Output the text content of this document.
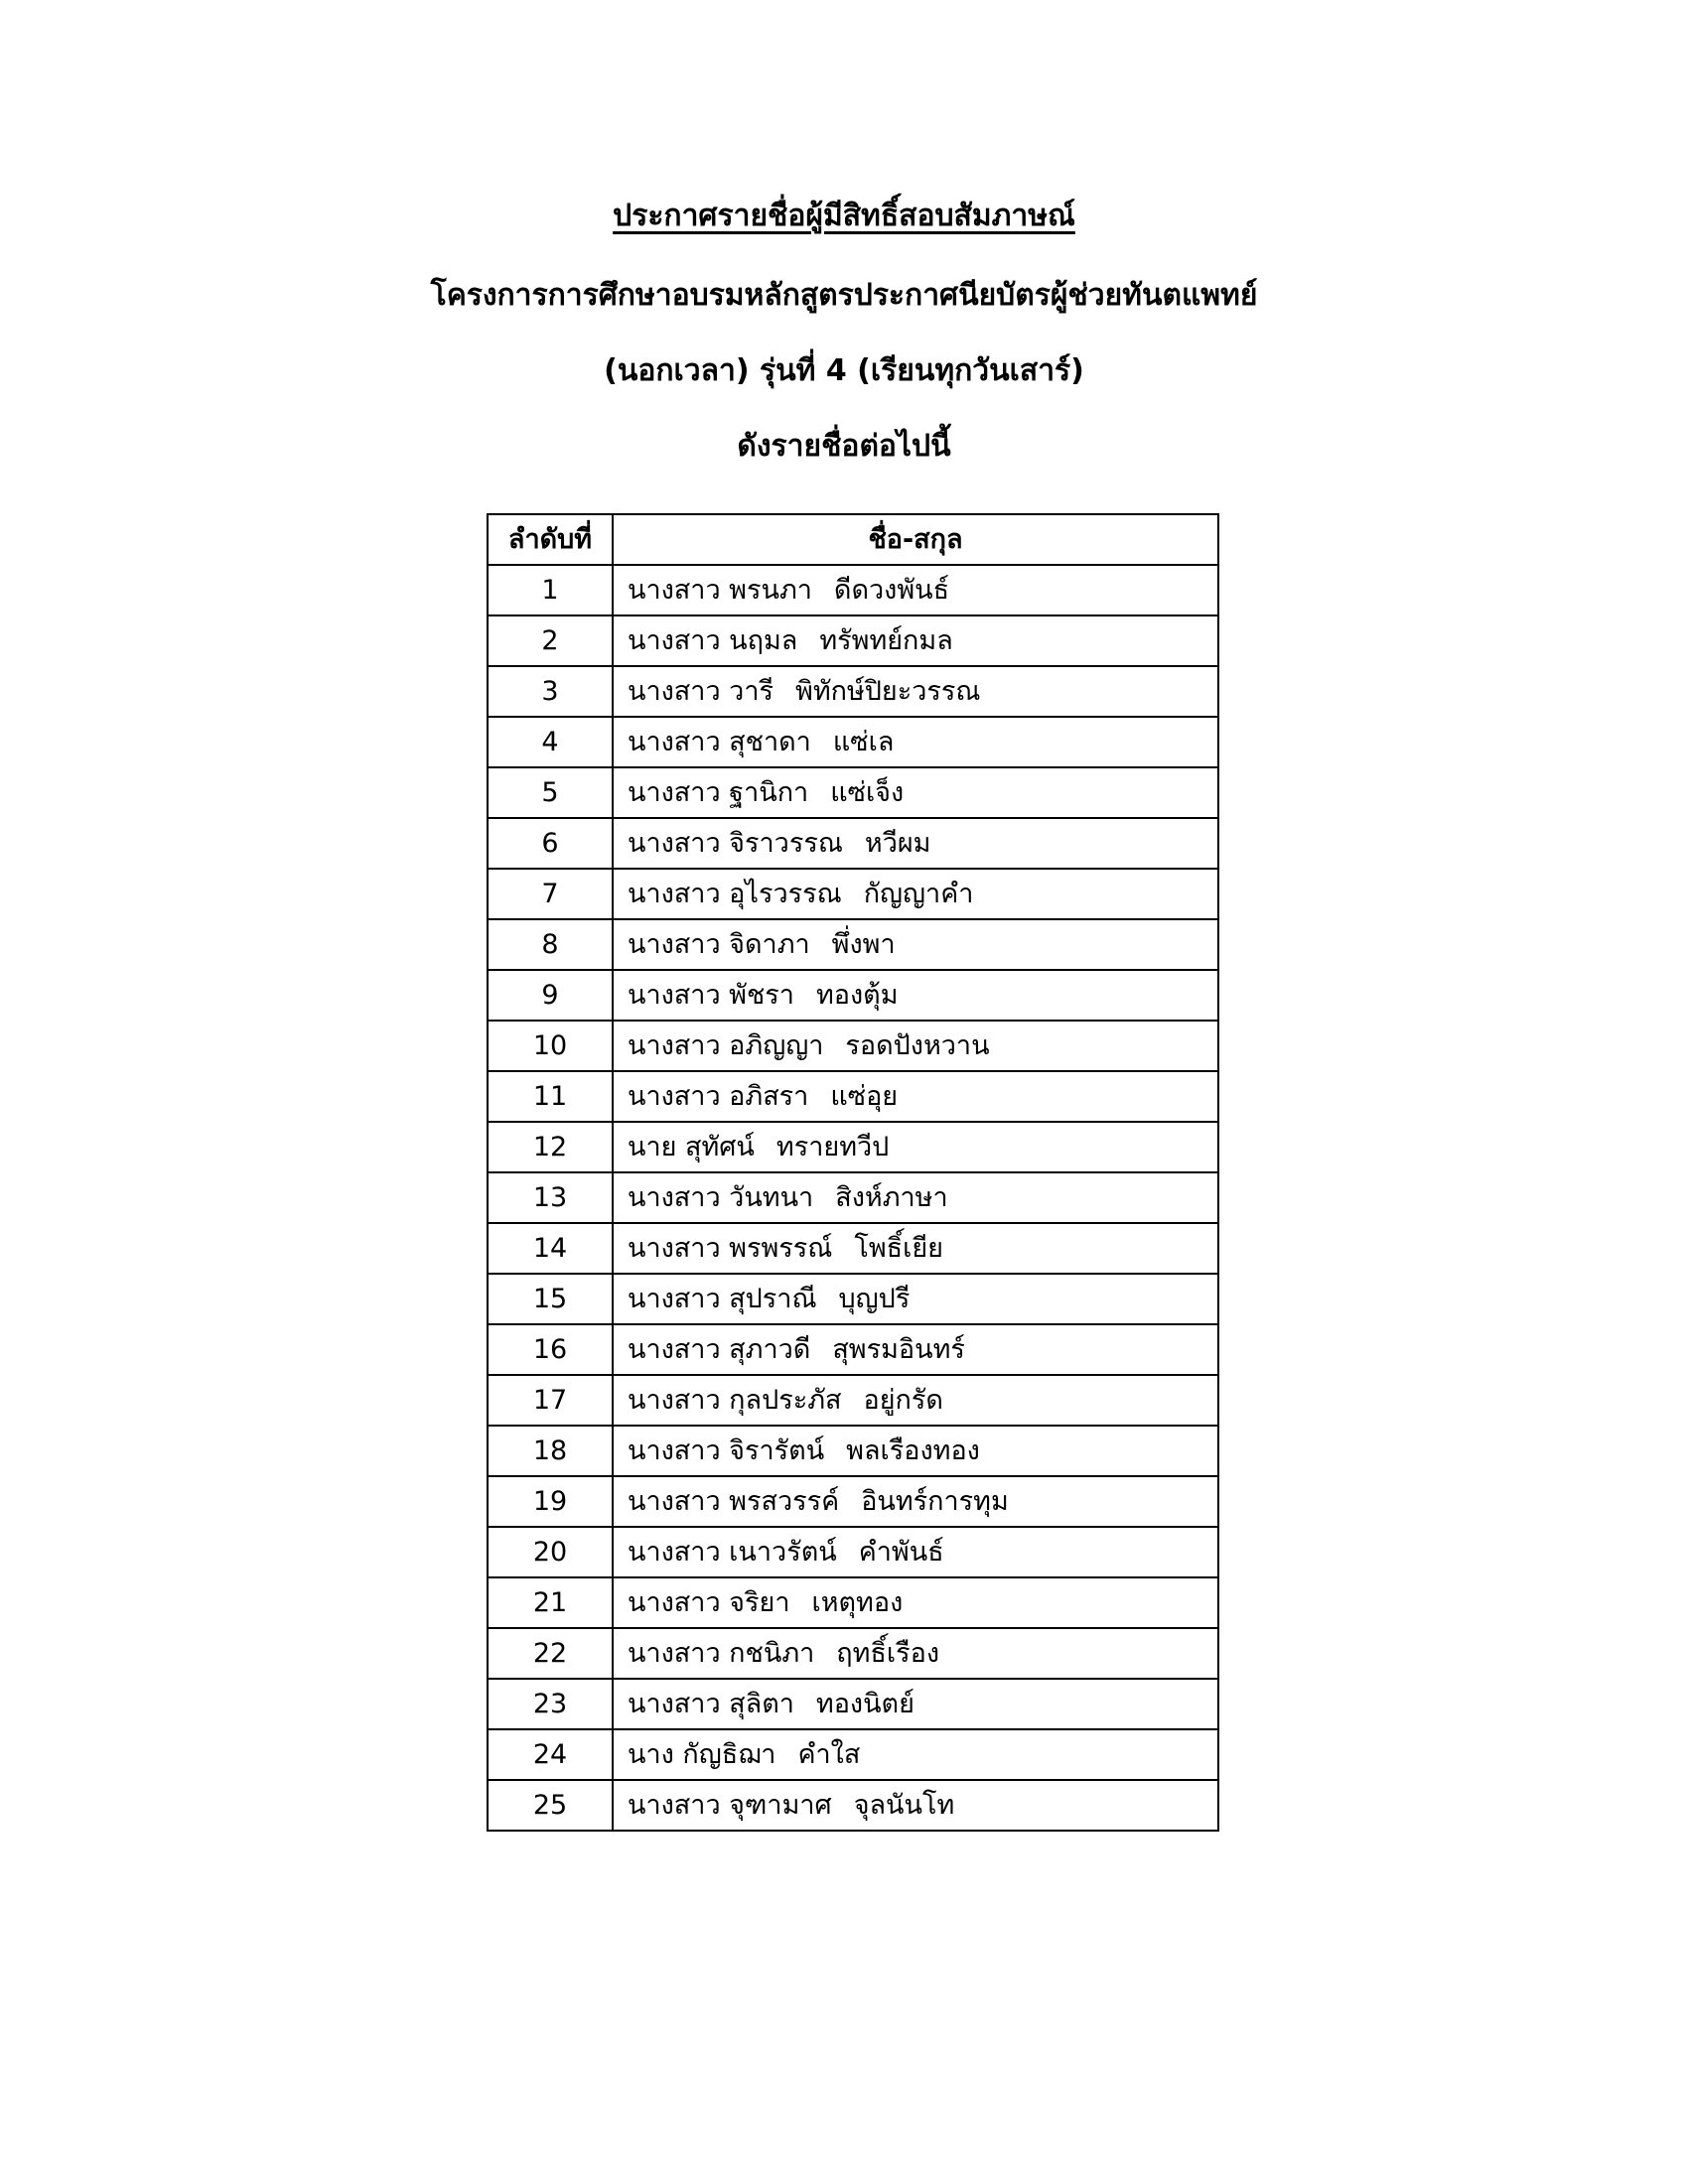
ประกาศรายชื่อผู้มีสิทธิ์สอบสัมภาษณ์
โครงการการศึกษาอบรมหลักสูตรประกาศนียบัตรผู้ช่วยทันตแพทย์
(นอกเวลา) รุ่นที่ 4 (เรียนทุกวันเสาร์)
ดังรายชื่อต่อไปนี้
ลำดับที่	ชื่อ-สกุล
1	นางสาว พรนภา ดีดวงพันธ์
2	นางสาว นฤมล ทรัพทย์กมล
3	นางสาว วารี พิทักษ์ปิยะวรรณ
4	นางสาว สุชาดา แซ่เล
5	นางสาว ฐานิกา แซ่เจ็ง
6	นางสาว จิราวรรณ หวีผม
7	นางสาว อุไรวรรณ กัญญาคำ
8	นางสาว จิดาภา พึ่งพา
9	นางสาว พัชรา ทองตุ้ม
10	นางสาว อภิญญา รอดปังหวาน
11	นางสาว อภิสรา แซ่อุย
12	นาย สุทัศน์ ทรายทวีป
13	นางสาว วันทนา สิงห์ภาษา
14	นางสาว พรพรรณ์ โพธิ์เยีย
15	นางสาว สุปราณี บุญปรี
16	นางสาว สุภาวดี สุพรมอินทร์
17	นางสาว กุลประภัส อยู่กรัด
18	นางสาว จิรารัตน์ พลเรืองทอง
19	นางสาว พรสวรรค์ อินทร์การทุม
20	นางสาว เนาวรัตน์ คำพันธ์
21	นางสาว จริยา เหตุทอง
22	นางสาว กชนิภา ฤทธิ์เรือง
23	นางสาว สุลิตา ทองนิตย์
24	นาง กัญธิฌา คำใส
25	นางสาว จุฑามาศ จุลนันโท
